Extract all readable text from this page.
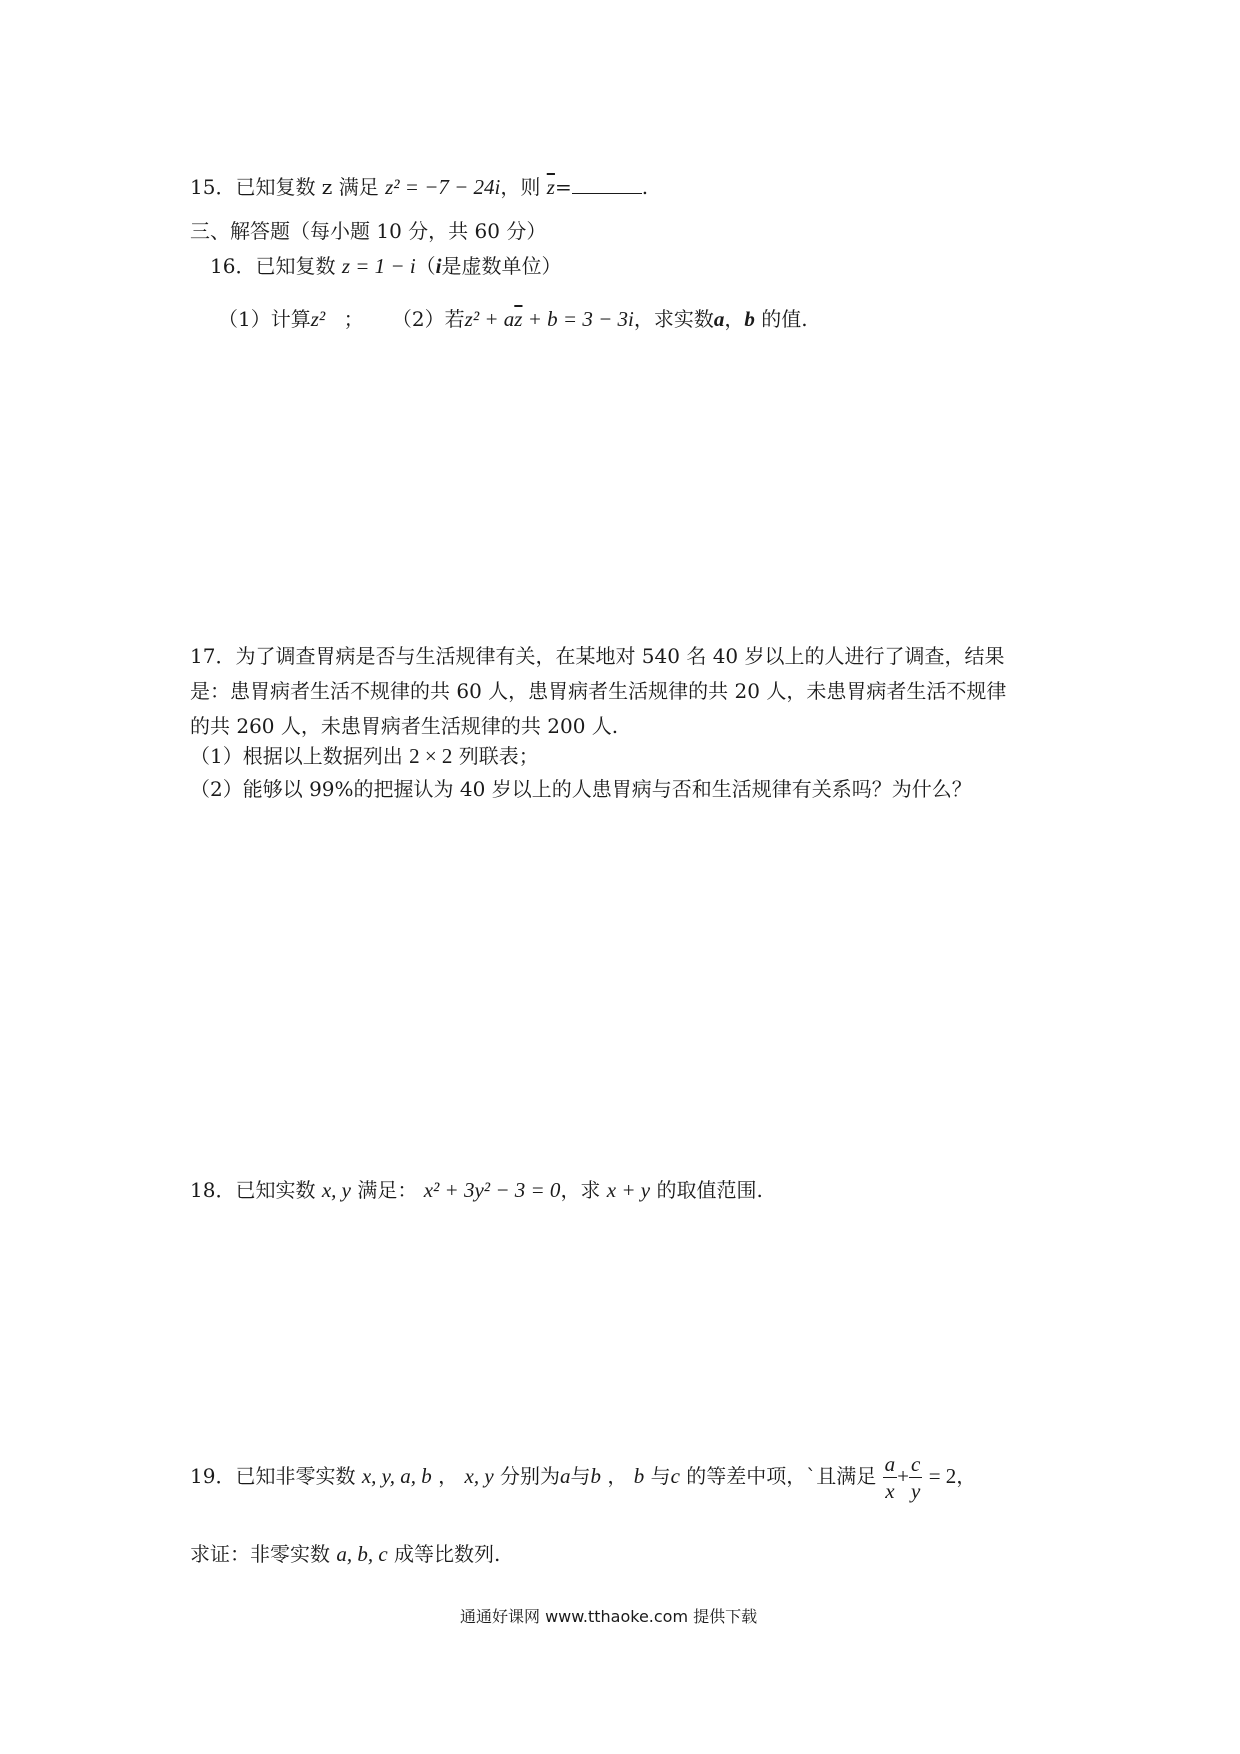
15．已知复数 z 满足 z² = −7 − 24i，则 $\overline{z}=$	.
三、解答题（每小题 10 分，共 60 分）
16．已知复数 z = 1 − i（i是虚数单位）
（1）计算z² ； （2）若$z^2 + a\overline{z} + b = 3 - 3i$，求实数a，b 的值.
17．为了调查胃病是否与生活规律有关，在某地对 540 名 40 岁以上的人进行了调查，结果
是：患胃病者生活不规律的共 60 人，患胃病者生活规律的共 20 人，未患胃病者生活不规律
的共 260 人，未患胃病者生活规律的共 200 人.
（1）根据以上数据列出 2 × 2 列联表；
（2）能够以 99%的把握认为 40 岁以上的人患胃病与否和生活规律有关系吗？为什么？
18．已知实数 x, y 满足： x² + 3y² − 3 = 0，求 x + y 的取值范围.
19．已知非零实数 x, y, a, b ， x, y 分别为a与b ， b 与c 的等差中项，`且满足 $\frac{a}{x} + \frac{c}{y} = 2$，
求证：非零实数 a, b, c 成等比数列.
通通好课网 www.tthaoke.com 提供下载
